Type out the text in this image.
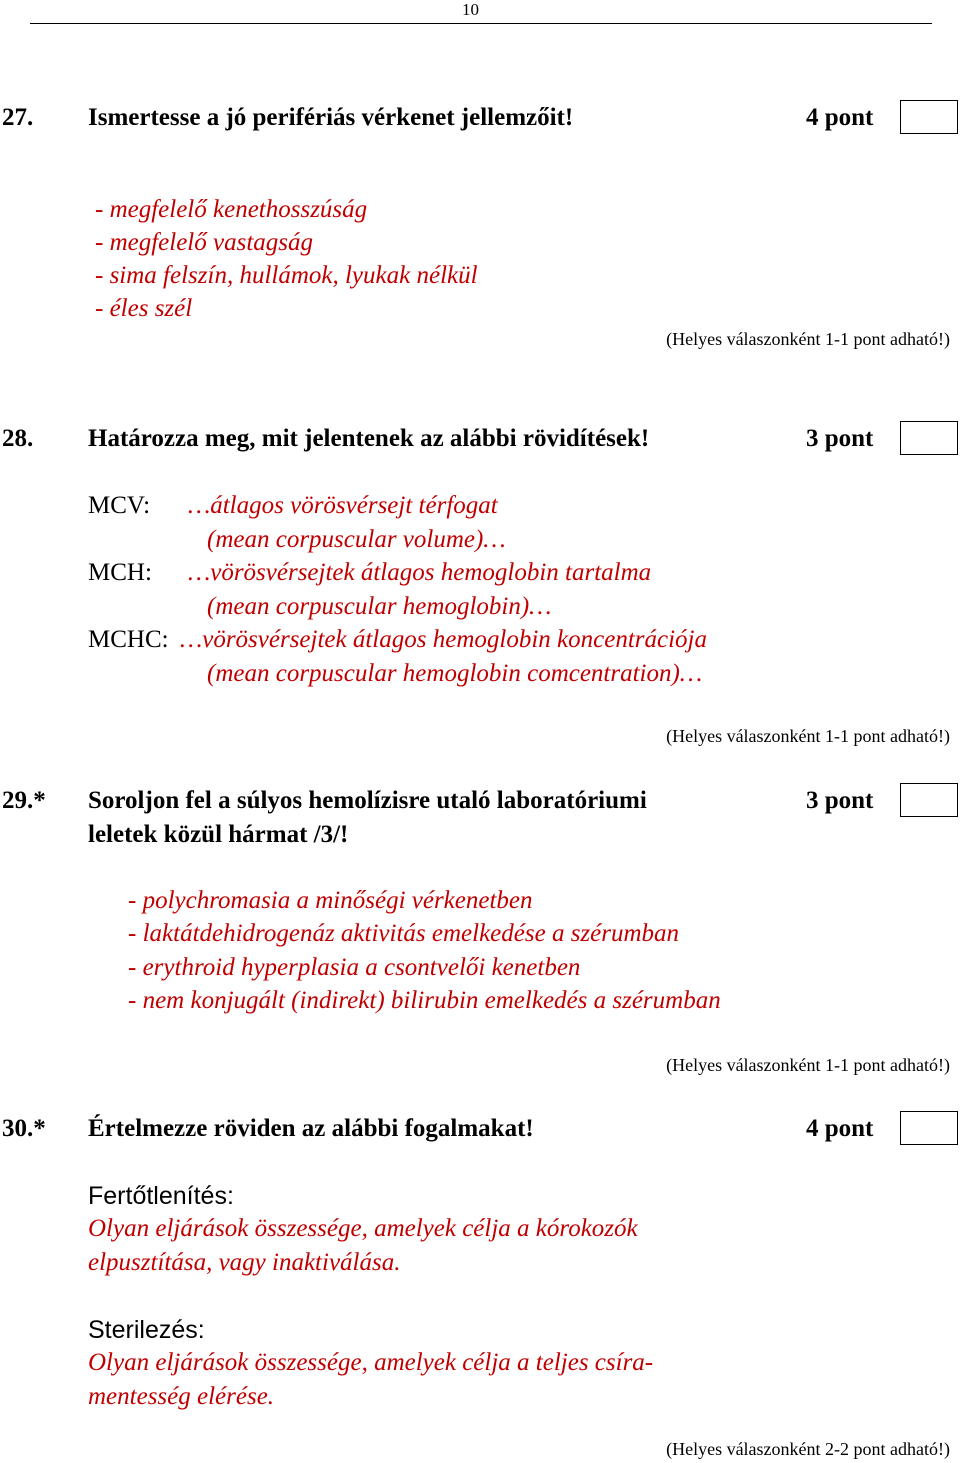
10
27. Ismertesse a jó perifériás vérkenet jellemzőit!	4 pont
- megfelelő kenethosszúság
- megfelelő vastagság
- sima felszín, hullámok, lyukak nélkül
- éles szél
(Helyes válaszonként 1-1 pont adható!)
28. Határozza meg, mit jelentenek az alábbi rövidítések!	3 pont
MCV: …átlagos vörösvérsejt térfogat
(mean corpuscular volume)…
MCH: …vörösvérsejtek átlagos hemoglobin tartalma
(mean corpuscular hemoglobin)…
MCHC: …vörösvérsejtek átlagos hemoglobin koncentrációja
(mean corpuscular hemoglobin comcentration)…
(Helyes válaszonként 1-1 pont adható!)
29.* Soroljon fel a súlyos hemolízisre utaló laboratóriumi
leletek közül hármat /3/!
3 pont
- polychromasia a minőségi vérkenetben
- laktátdehidrogenáz aktivitás emelkedése a szérumban
- erythroid hyperplasia a csontvelői kenetben
- nem konjugált (indirekt) bilirubin emelkedés a szérumban
(Helyes válaszonként 1-1 pont adható!)
30.* Értelmezze röviden az alábbi fogalmakat!	4 pont
Fertőtlenítés:
Olyan eljárások összessége, amelyek célja a kórokozók
elpusztítása, vagy inaktiválása.
Sterilezés:
Olyan eljárások összessége, amelyek célja a teljes csíra-
mentesség elérése.
(Helyes válaszonként 2-2 pont adható!)
